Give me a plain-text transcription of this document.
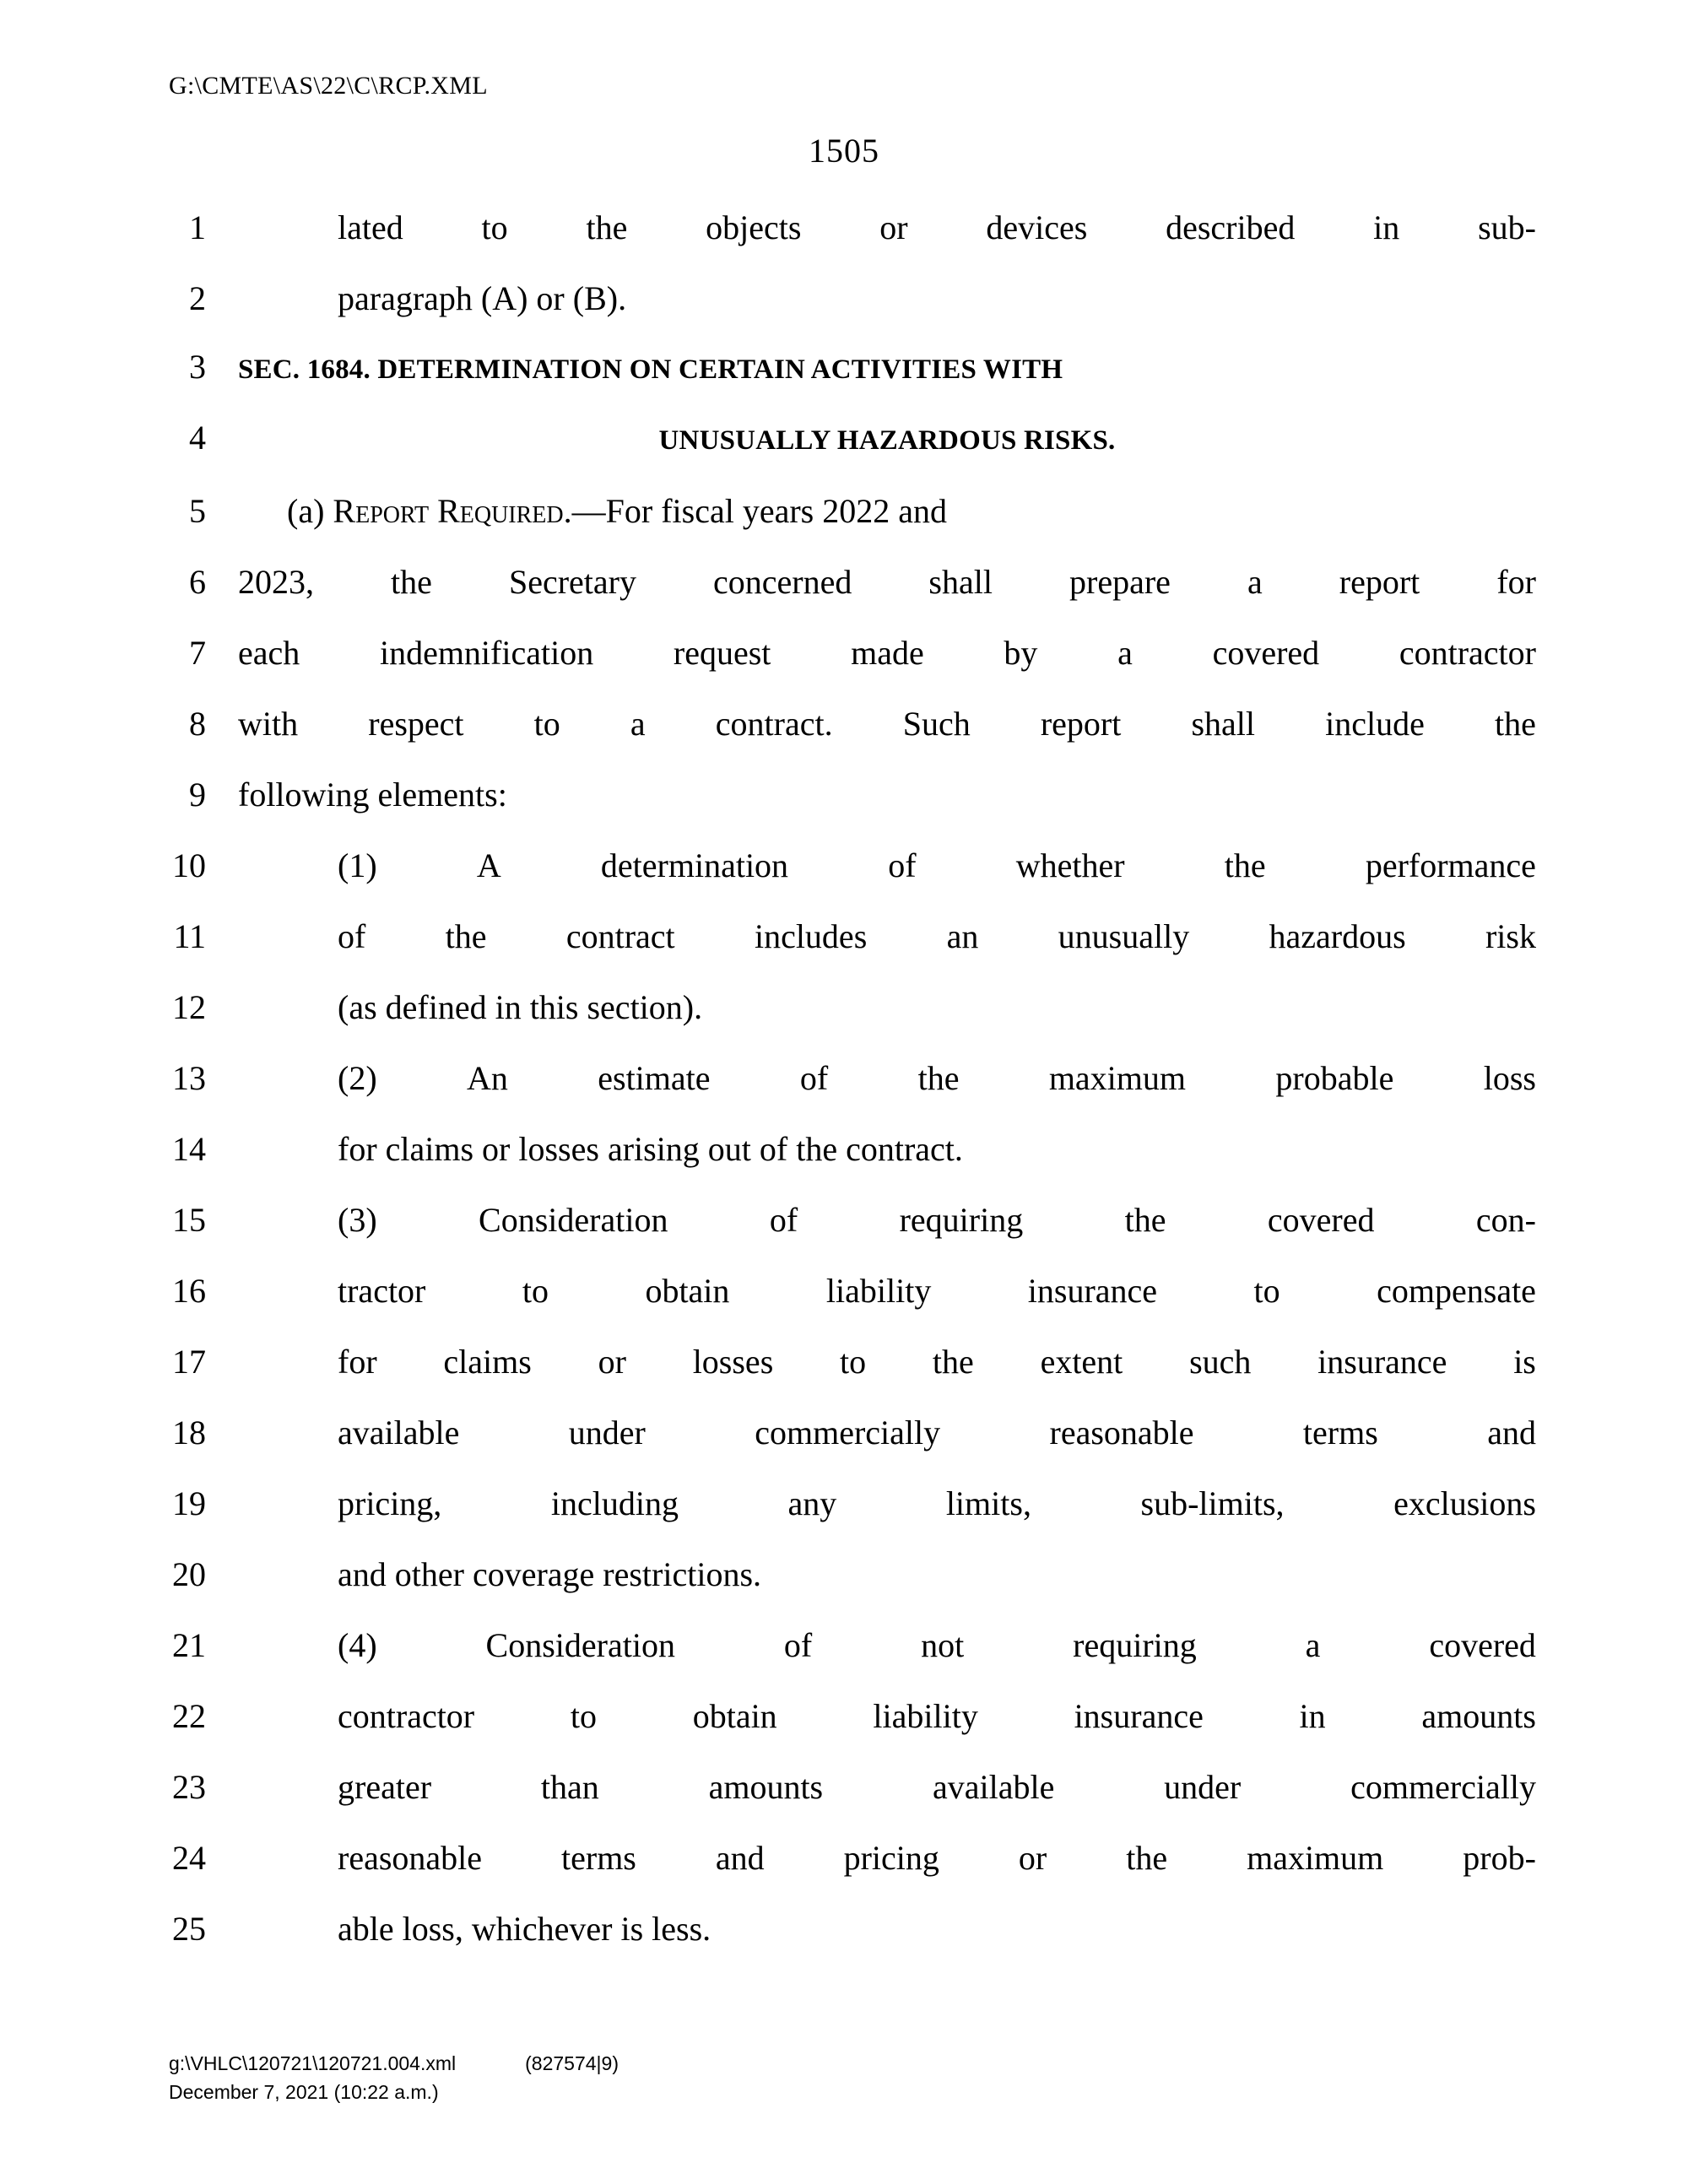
G:\CMTE\AS\22\C\RCP.XML
1505
1	lated to the objects or devices described in sub-
2	paragraph (A) or (B).
3	SEC. 1684. DETERMINATION ON CERTAIN ACTIVITIES WITH
4	UNUSUALLY HAZARDOUS RISKS.
5	(a) Report Required.—For fiscal years 2022 and
6 2023, the Secretary concerned shall prepare a report for
7 each indemnification request made by a covered contractor
8 with respect to a contract. Such report shall include the
9 following elements:
10	(1)	A	determination	of	whether	the	performance
11	of the contract includes an unusually hazardous risk
12	(as defined in this section).
13	(2)	An	estimate	of	the	maximum	probable	loss
14	for claims or losses arising out of the contract.
15	(3)	Consideration	of	requiring	the	covered	con-
16	tractor	to	obtain	liability	insurance	to	compensate
17	for claims or losses to the extent such insurance is
18	available	under	commercially	reasonable	terms	and
19	pricing,	including	any	limits,	sub-limits,	exclusions
20	and other coverage restrictions.
21	(4)	Consideration	of	not	requiring	a	covered
22	contractor	to	obtain	liability	insurance	in	amounts
23	greater	than	amounts	available	under	commercially
24	reasonable terms and pricing or the maximum prob-
25	able loss, whichever is less.
g:\VHLC\120721\120721.004.xml	(827574|9)
December 7, 2021 (10:22 a.m.)
